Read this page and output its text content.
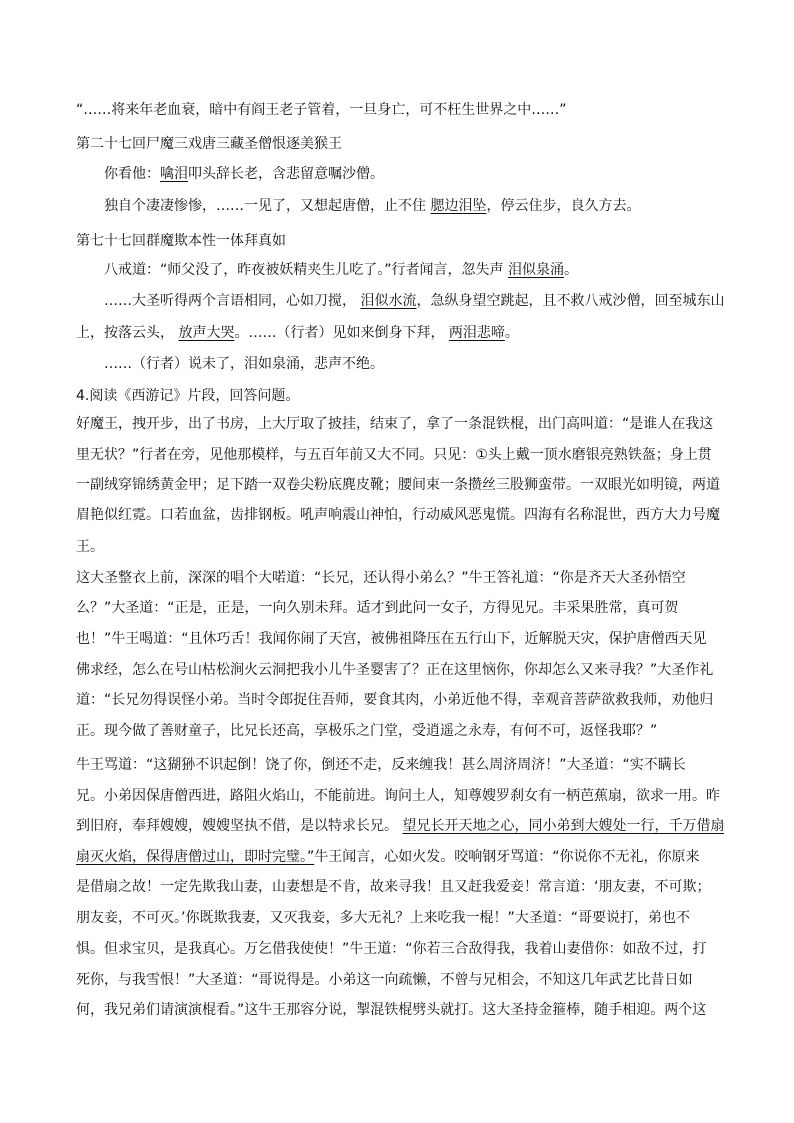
“……将来年老血衰，暗中有阎王老子管着，一旦身亡，可不枉生世界之中……”
第二十七回尸魔三戏唐三藏圣僧恨逐美猴王
你看他：噙泪叩头辞长老，含悲留意嘱沙僧。
独自个凄凄惨惨，……一见了，又想起唐僧，止不住 腮边泪坠，停云住步，良久方去。
第七十七回群魔欺本性一体拜真如
八戒道：“师父没了，昨夜被妖精夹生儿吃了。”行者闻言，忽失声 泪似泉涌。
……大圣听得两个言语相同，心如刀搅， 泪似水流，急纵身望空跳起，且不救八戒沙僧，回至城东山
上，按落云头， 放声大哭。……（行者）见如来倒身下拜， 两泪悲啼。
……（行者）说未了，泪如泉涌，悲声不绝。
4.阅读《西游记》片段，回答问题。
好魔王，拽开步，出了书房，上大厅取了披挂，结束了，拿了一条混铁棍，出门高叫道：“是谁人在我这
里无状？”行者在旁，见他那模样，与五百年前又大不同。只见：①头上戴一顶水磨银亮熟铁盔；身上贯
一副绒穿锦绣黄金甲；足下踏一双卷尖粉底麂皮靴；腰间束一条攒丝三股狮蛮带。一双眼光如明镜，两道
眉艳似红霓。口若血盆，齿排钢板。吼声响震山神怕，行动威风恶鬼慌。四海有名称混世，西方大力号魔
王。
这大圣整衣上前，深深的唱个大喏道：“长兄，还认得小弟么？”牛王答礼道：“你是齐天大圣孙悟空
么？”大圣道：“正是，正是，一向久别未拜。适才到此问一女子，方得见兄。丰采果胜常，真可贺
也！”牛王喝道：“且休巧舌！我闻你闹了天宫，被佛祖降压在五行山下，近解脱天灾，保护唐僧西天见
佛求经，怎么在号山枯松涧火云洞把我小儿牛圣婴害了？正在这里恼你，你却怎么又来寻我？”大圣作礼
道：“长兄勿得误怪小弟。当时令郎捉住吾师，要食其肉，小弟近他不得，幸观音菩萨欲救我师，劝他归
正。现今做了善财童子，比兄长还高，享极乐之门堂，受逍遥之永寿，有何不可，返怪我耶？”
牛王骂道：“这猢狲不识起倒！饶了你，倒还不走，反来缠我！甚么周济周济！”大圣道：“实不瞒长
兄。小弟因保唐僧西进，路阻火焰山，不能前进。询问土人，知尊嫂罗刹女有一柄芭蕉扇，欲求一用。昨
到旧府，奉拜嫂嫂，嫂嫂坚执不借，是以特求长兄。 望兄长开天地之心，同小弟到大嫂处一行，千万借扇
扇灭火焰，保得唐僧过山，即时完璧。”牛王闻言，心如火发。咬响钢牙骂道：“你说你不无礼，你原来
是借扇之故！一定先欺我山妻，山妻想是不肯，故来寻我！且又赶我爱妾！常言道：‘朋友妻，不可欺；
朋友妾，不可灭。’你既欺我妻，又灭我妾，多大无礼？上来吃我一棍！”大圣道：“哥要说打，弟也不
惧。但求宝贝，是我真心。万乞借我使使！”牛王道：“你若三合敌得我，我着山妻借你：如敌不过，打
死你，与我雪恨！”大圣道：“哥说得是。小弟这一向疏懒，不曾与兄相会，不知这几年武艺比昔日如
何，我兄弟们请演演棍看。”这牛王那容分说，掣混铁棍劈头就打。这大圣持金箍棒，随手相迎。两个这
